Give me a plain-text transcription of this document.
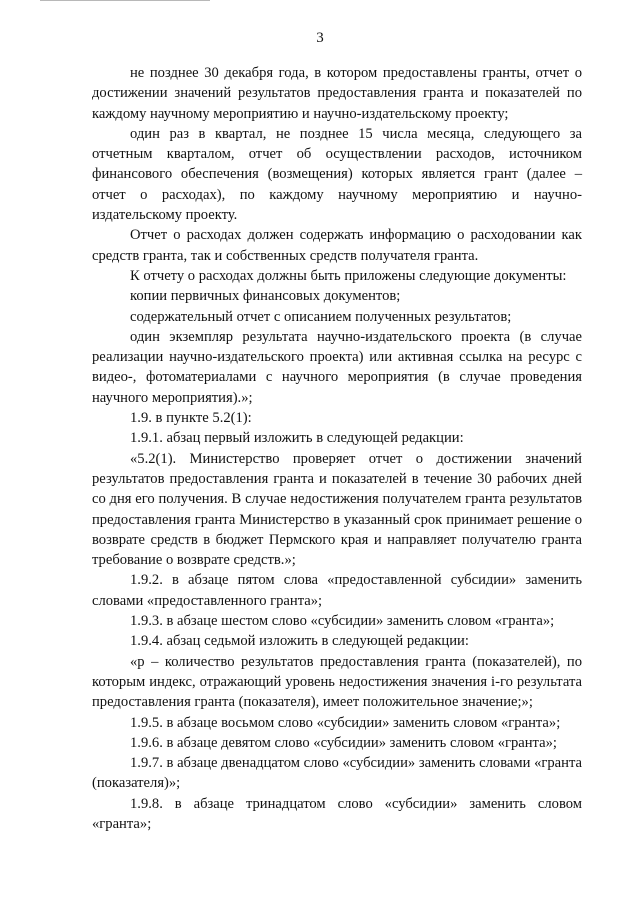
3

не позднее 30 декабря года, в котором предоставлены гранты, отчет о достижении значений результатов предоставления гранта и показателей по каждому научному мероприятию и научно-издательскому проекту;

один раз в квартал, не позднее 15 числа месяца, следующего за отчетным кварталом, отчет об осуществлении расходов, источником финансового обеспечения (возмещения) которых является грант (далее – отчет о расходах), по каждому научному мероприятию и научно-издательскому проекту.

Отчет о расходах должен содержать информацию о расходовании как средств гранта, так и собственных средств получателя гранта.

К отчету о расходах должны быть приложены следующие документы:

копии первичных финансовых документов;

содержательный отчет с описанием полученных результатов;

один экземпляр результата научно-издательского проекта (в случае реализации научно-издательского проекта) или активная ссылка на ресурс с видео-, фотоматериалами с научного мероприятия (в случае проведения научного мероприятия).»;

1.9. в пункте 5.2(1):

1.9.1. абзац первый изложить в следующей редакции:

«5.2(1). Министерство проверяет отчет о достижении значений результатов предоставления гранта и показателей в течение 30 рабочих дней со дня его получения. В случае недостижения получателем гранта результатов предоставления гранта Министерство в указанный срок принимает решение о возврате средств в бюджет Пермского края и направляет получателю гранта требование о возврате средств.»;

1.9.2. в абзаце пятом слова «предоставленной субсидии» заменить словами «предоставленного гранта»;

1.9.3. в абзаце шестом слово «субсидии» заменить словом «гранта»;

1.9.4. абзац седьмой изложить в следующей редакции:

«р – количество результатов предоставления гранта (показателей), по которым индекс, отражающий уровень недостижения значения i-го результата предоставления гранта (показателя), имеет положительное значение;»;

1.9.5. в абзаце восьмом слово «субсидии» заменить словом «гранта»;

1.9.6. в абзаце девятом слово «субсидии» заменить словом «гранта»;

1.9.7. в абзаце двенадцатом слово «субсидии» заменить словами «гранта (показателя)»;

1.9.8. в абзаце тринадцатом слово «субсидии» заменить словом «гранта»;
